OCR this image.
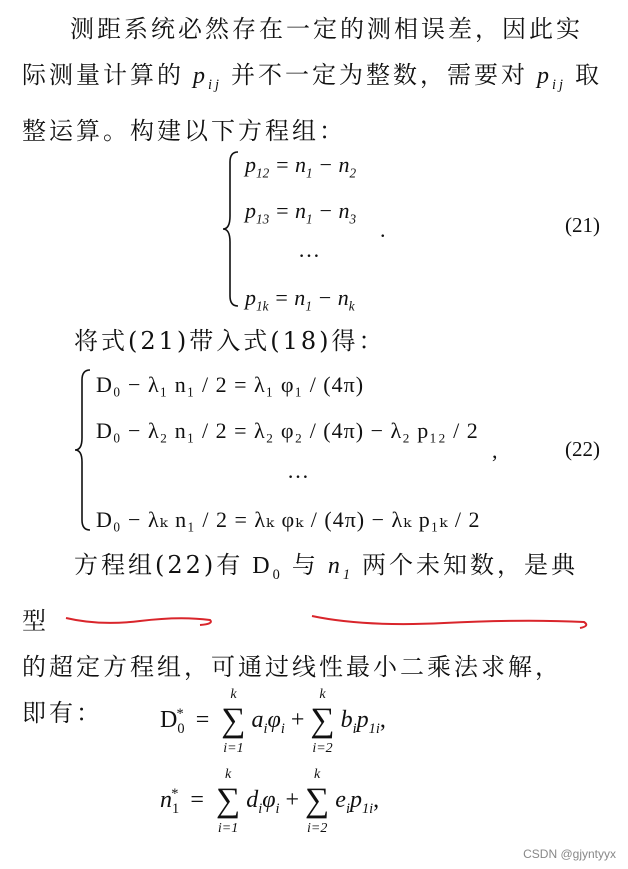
测距系统必然存在一定的测相误差，因此实际测量计算的 $p_{ij}$ 并不一定为整数，需要对 $p_{ij}$ 取整运算。构建以下方程组：
$p_{12} = n_1 - n_2$
$p_{13} = n_1 - n_3$
…
.
$p_{1k} = n_1 - n_k$
(21)
将式(21)带入式(18)得：
D₀ − λ₁ n₁ / 2 = λ₁ φ₁ / (4π)
D₀ − λ₂ n₁ / 2 = λ₂ φ₂ / (4π) − λ₂ p₁₂ / 2
…
,
D₀ − λₖ n₁ / 2 = λₖ φₖ / (4π) − λₖ p₁ₖ / 2
(22)
方程组(22)有 $D_0$ 与 $n_1$ 两个未知数，是典型
的超定方程组，可通过线性最小二乘法求解，
即有：	$D_0^*$  =  ∑
k
i=1
$a_i\varphi_i$ + ∑
k
i=2
$b_ip_{1i}$,
$n_1^*$  =  ∑
k
i=1
$d_i\varphi_i$ + ∑
k
i=2
$e_ip_{1i}$,
CSDN @gjyntyyx
